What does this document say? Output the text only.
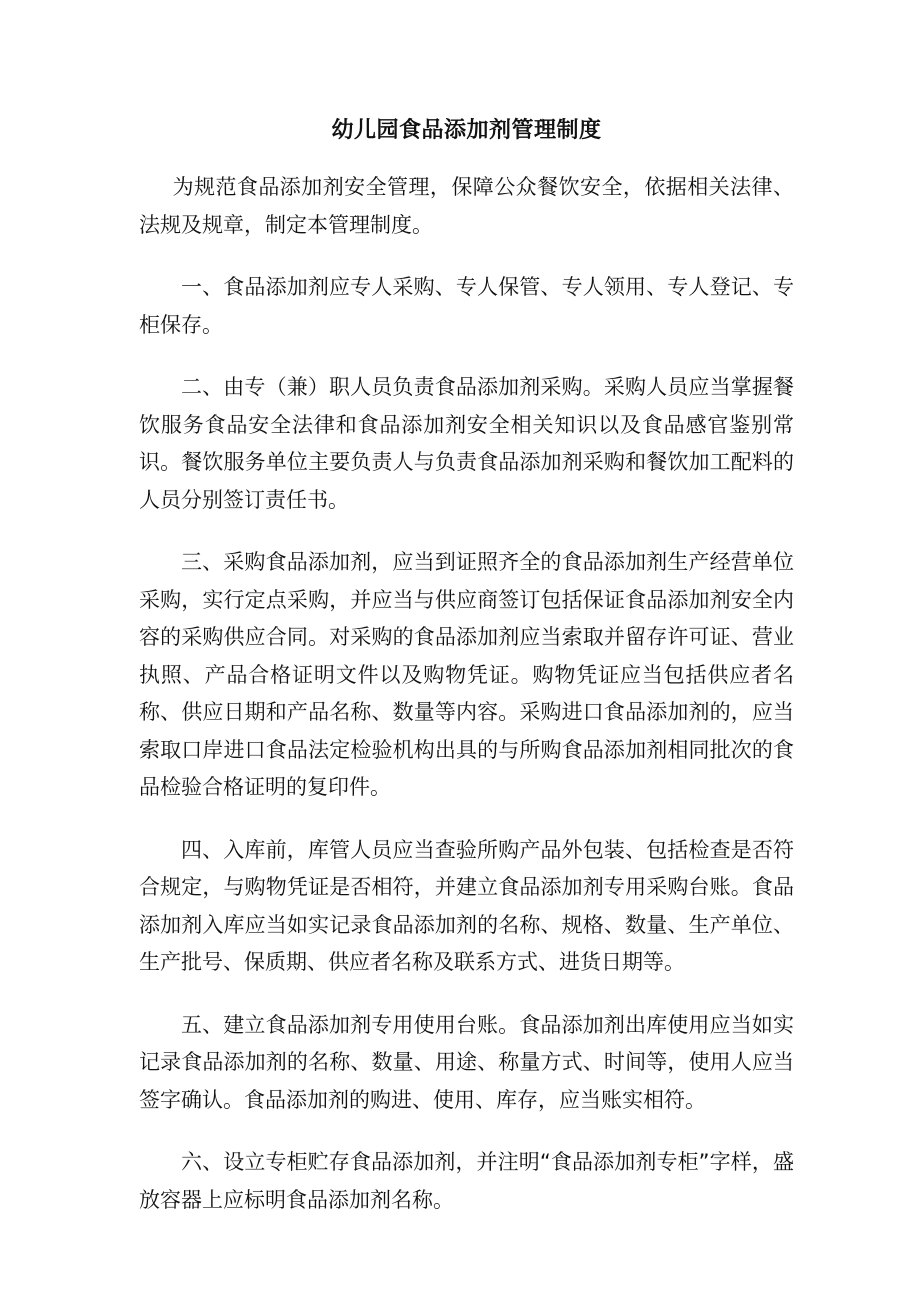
幼儿园食品添加剂管理制度

为规范食品添加剂安全管理，保障公众餐饮安全，依据相关法律、法规及规章，制定本管理制度。

一、食品添加剂应专人采购、专人保管、专人领用、专人登记、专柜保存。

二、由专（兼）职人员负责食品添加剂采购。采购人员应当掌握餐饮服务食品安全法律和食品添加剂安全相关知识以及食品感官鉴别常识。餐饮服务单位主要负责人与负责食品添加剂采购和餐饮加工配料的人员分别签订责任书。

三、采购食品添加剂，应当到证照齐全的食品添加剂生产经营单位采购，实行定点采购，并应当与供应商签订包括保证食品添加剂安全内容的采购供应合同。对采购的食品添加剂应当索取并留存许可证、营业执照、产品合格证明文件以及购物凭证。购物凭证应当包括供应者名称、供应日期和产品名称、数量等内容。采购进口食品添加剂的，应当索取口岸进口食品法定检验机构出具的与所购食品添加剂相同批次的食品检验合格证明的复印件。

四、入库前，库管人员应当查验所购产品外包装、包括检查是否符合规定，与购物凭证是否相符，并建立食品添加剂专用采购台账。食品添加剂入库应当如实记录食品添加剂的名称、规格、数量、生产单位、生产批号、保质期、供应者名称及联系方式、进货日期等。

五、建立食品添加剂专用使用台账。食品添加剂出库使用应当如实记录食品添加剂的名称、数量、用途、称量方式、时间等，使用人应当签字确认。食品添加剂的购进、使用、库存，应当账实相符。

六、设立专柜贮存食品添加剂，并注明“食品添加剂专柜”字样，盛放容器上应标明食品添加剂名称。
